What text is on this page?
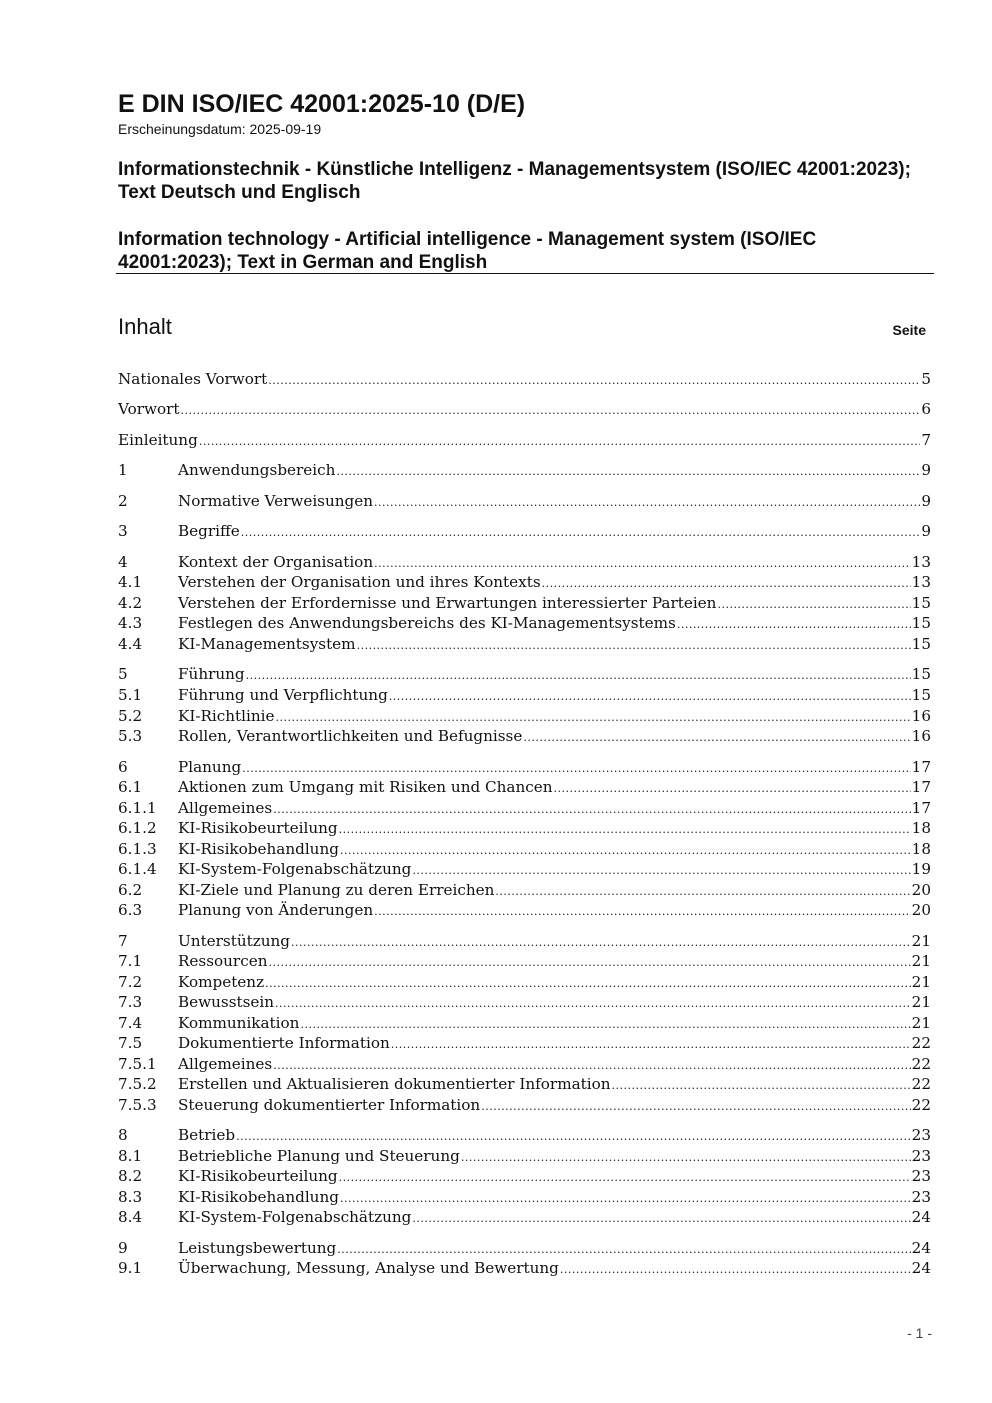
E DIN ISO/IEC 42001:2025-10 (D/E)
Erscheinungsdatum: 2025-09-19
Informationstechnik - Künstliche Intelligenz - Managementsystem (ISO/IEC 42001:2023); Text Deutsch und Englisch
Information technology - Artificial intelligence - Management system (ISO/IEC 42001:2023); Text in German and English
Inhalt	Seite
Nationales Vorwort .....	5
Vorwort .....	6
Einleitung .....	7
1	Anwendungsbereich .....	9
2	Normative Verweisungen .....	9
3	Begriffe .....	9
4	Kontext der Organisation .....	13
4.1	Verstehen der Organisation und ihres Kontexts .....	13
4.2	Verstehen der Erfordernisse und Erwartungen interessierter Parteien .....	15
4.3	Festlegen des Anwendungsbereichs des KI-Managementsystems .....	15
4.4	KI-Managementsystem .....	15
5	Führung .....	15
5.1	Führung und Verpflichtung .....	15
5.2	KI-Richtlinie .....	16
5.3	Rollen, Verantwortlichkeiten und Befugnisse .....	16
6	Planung .....	17
6.1	Aktionen zum Umgang mit Risiken und Chancen .....	17
6.1.1	Allgemeines .....	17
6.1.2	KI-Risikobeurteilung .....	18
6.1.3	KI-Risikobehandlung .....	18
6.1.4	KI-System-Folgenabschätzung .....	19
6.2	KI-Ziele und Planung zu deren Erreichen .....	20
6.3	Planung von Änderungen .....	20
7	Unterstützung .....	21
7.1	Ressourcen .....	21
7.2	Kompetenz .....	21
7.3	Bewusstsein .....	21
7.4	Kommunikation .....	21
7.5	Dokumentierte Information .....	22
7.5.1	Allgemeines .....	22
7.5.2	Erstellen und Aktualisieren dokumentierter Information .....	22
7.5.3	Steuerung dokumentierter Information .....	22
8	Betrieb .....	23
8.1	Betriebliche Planung und Steuerung .....	23
8.2	KI-Risikobeurteilung .....	23
8.3	KI-Risikobehandlung .....	23
8.4	KI-System-Folgenabschätzung .....	24
9	Leistungsbewertung .....	24
9.1	Überwachung, Messung, Analyse und Bewertung .....	24
- 1 -
